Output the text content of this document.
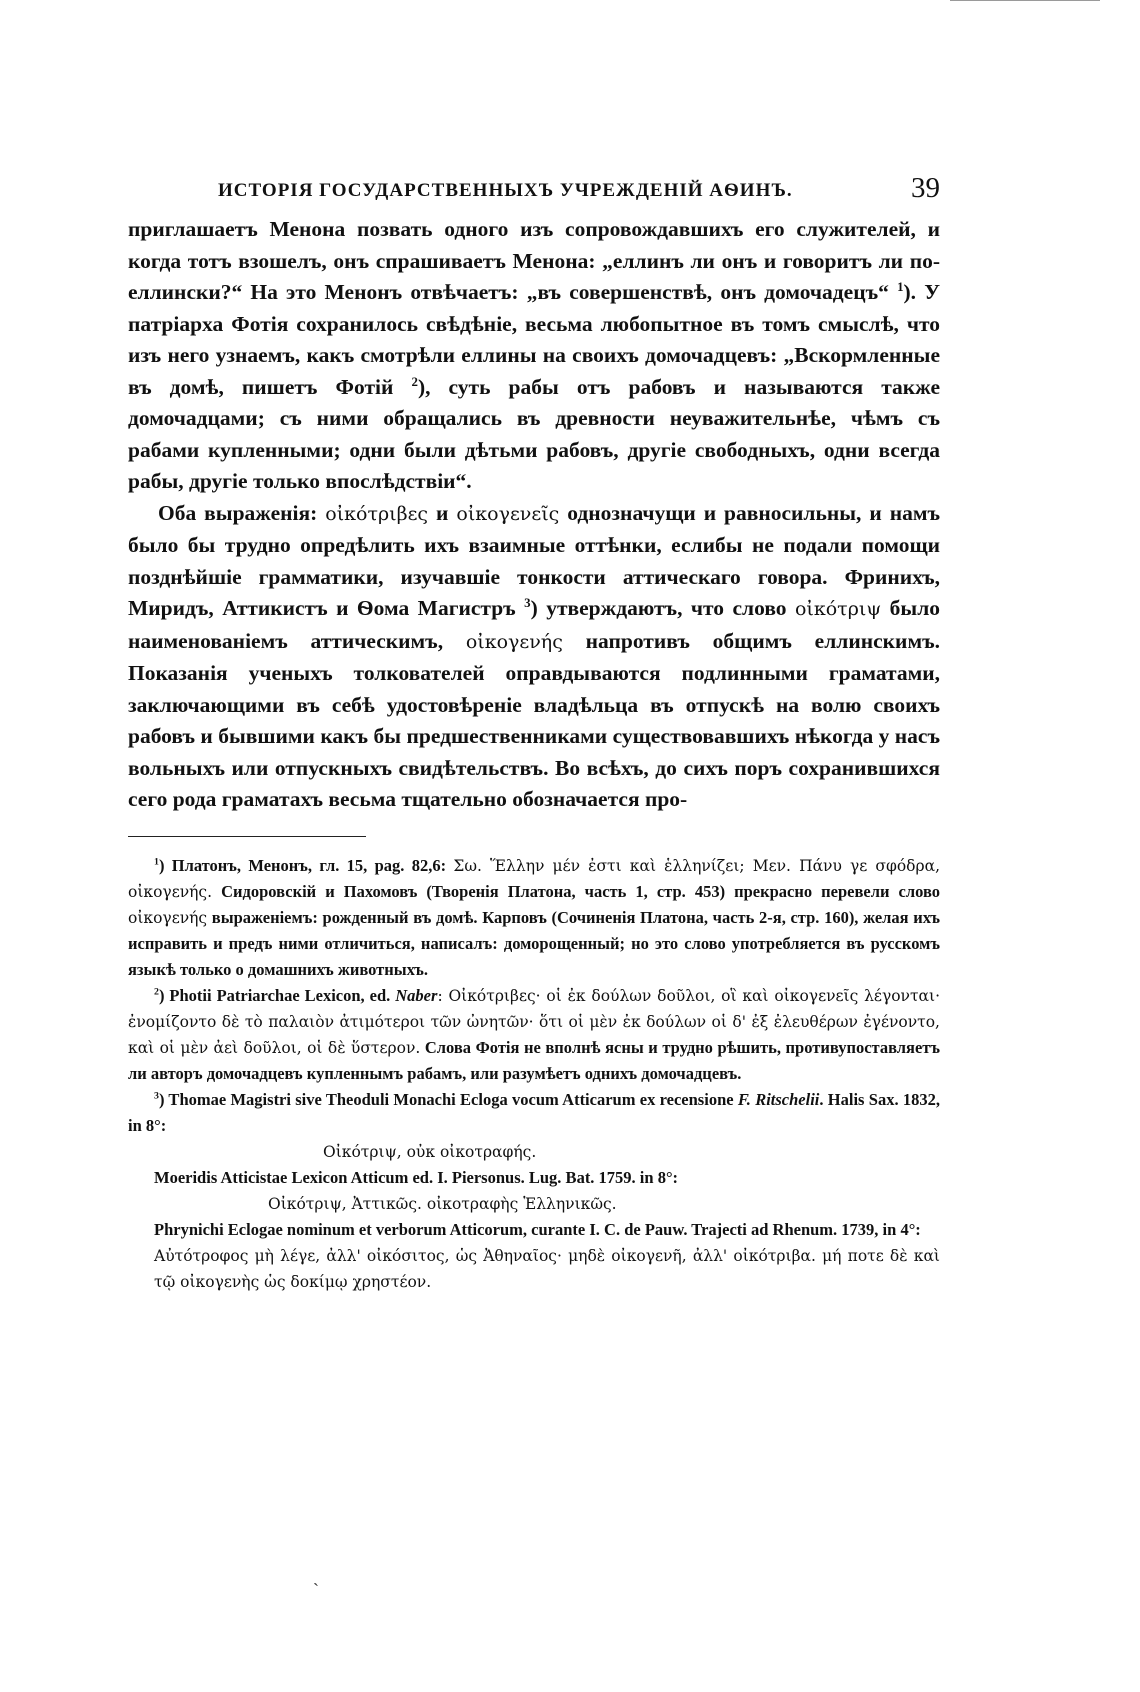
ИСТОРІЯ ГОСУДАРСТВЕННЫХЪ УЧРЕЖДЕНІЙ АѲИНЪ.	39

приглашаетъ Менона позвать одного изъ сопровождавшихъ его служителей, и когда тотъ взошелъ, онъ спрашиваетъ Менона: „еллинъ ли онъ и говоритъ ли по-еллински?“ На это Менонъ отвѣчаетъ: „въ совершенствѣ, онъ домочадецъ“ $^1$). У патріарха Фотія сохранилось свѣдѣніе, весьма любопытное въ томъ смыслѣ, что изъ него узнаемъ, какъ смотрѣли еллины на своихъ домочадцевъ: „Вскормленные въ домѣ, пишетъ Фотій $^2$), суть рабы отъ рабовъ и называются также домочадцами; съ ними обращались въ древности неуважительнѣе, чѣмъ съ рабами купленными; одни были дѣтьми рабовъ, другіе свободныхъ, одни всегда рабы, другіе только впослѣдствіи“.

Оба выраженія: οἰκότριβες и οἰκογενεῖς однозначущи и равносильны, и намъ было бы трудно опредѣлить ихъ взаимные оттѣнки, еслибы не подали помощи позднѣйшіе грамматики, изучавшіе тонкости аттическаго говора. Фринихъ, Миридъ, Аттикистъ и Ѳома Магистръ $^3$) утверждаютъ, что слово οἰκότριψ было наименованіемъ аттическимъ, οἰκογενής напротивъ общимъ еллинскимъ. Показанія ученыхъ толкователей оправдываются подлинными граматами, заключающими въ себѣ удостовѣреніе владѣльца въ отпускѣ на волю своихъ рабовъ и бывшими какъ бы предшественниками существовавшихъ нѣкогда у насъ вольныхъ или отпускныхъ свидѣтельствъ. Во всѣхъ, до сихъ поръ сохранившихся сего рода граматахъ весьма тщательно обозначается про-

$^1$) Платонъ, Менонъ, гл. 15, pag. 82,6: Σω. Ἕλλην μέν ἐστι καὶ ἑλληνίζει; Μεν. Πάνυ γε σφόδρα, οἰκογενής. Сидоровскій и Пахомовъ (Творенія Платона, часть 1, стр. 453) прекрасно перевели слово οἰκογενής выраженіемъ: рожденный въ домѣ. Карповъ (Сочиненія Платона, часть 2-я, стр. 160), желая ихъ исправить и предъ ними отличиться, написалъ: доморощенный; но это слово употребляется въ русскомъ языкѣ только о домашнихъ животныхъ.

$^2$) Photii Patriarchae Lexicon, ed. Naber: Οἰκότριβες· οἱ ἐκ δούλων δοῦλοι, οἳ καὶ οἰκογενεῖς λέγονται· ἐνομίζοντο δὲ τὸ παλαιὸν ἀτιμότεροι τῶν ὠνητῶν· ὅτι οἱ μὲν ἐκ δούλων οἱ δ' ἐξ ἐλευθέρων ἐγένοντο, καὶ οἱ μὲν ἀεὶ δοῦλοι, οἱ δὲ ὕστερον. Слова Фотія не вполнѣ ясны и трудно рѣшить, противупоставляетъ ли авторъ домочадцевъ купленнымъ рабамъ, или разумѣетъ однихъ домочадцевъ.

$^3$) Thomae Magistri sive Theoduli Monachi Ecloga vocum Atticarum ex recensione F. Ritschelii. Halis Sax. 1832, in 8°:

Οἰκότριψ, οὐκ οἰκοτραφής.

Moeridis Atticistae Lexicon Atticum ed. I. Piersonus. Lug. Bat. 1759. in 8°:

Οἰκότριψ, Ἀττικῶς. οἰκοτραφὴς Ἑλληνικῶς.

Phrynichi Eclogae nominum et verborum Atticorum, curante I. C. de Pauw. Trajecti ad Rhenum. 1739, in 4°:

Αὐτότροφος μὴ λέγε, ἀλλ' οἰκόσιτος, ὡς Ἀθηναῖος· μηδὲ οἰκογενῆ, ἀλλ' οἰκότριβα. μή ποτε δὲ καὶ τῷ οἰκογενὴς ὡς δοκίμῳ χρηστέον.

ˎ
